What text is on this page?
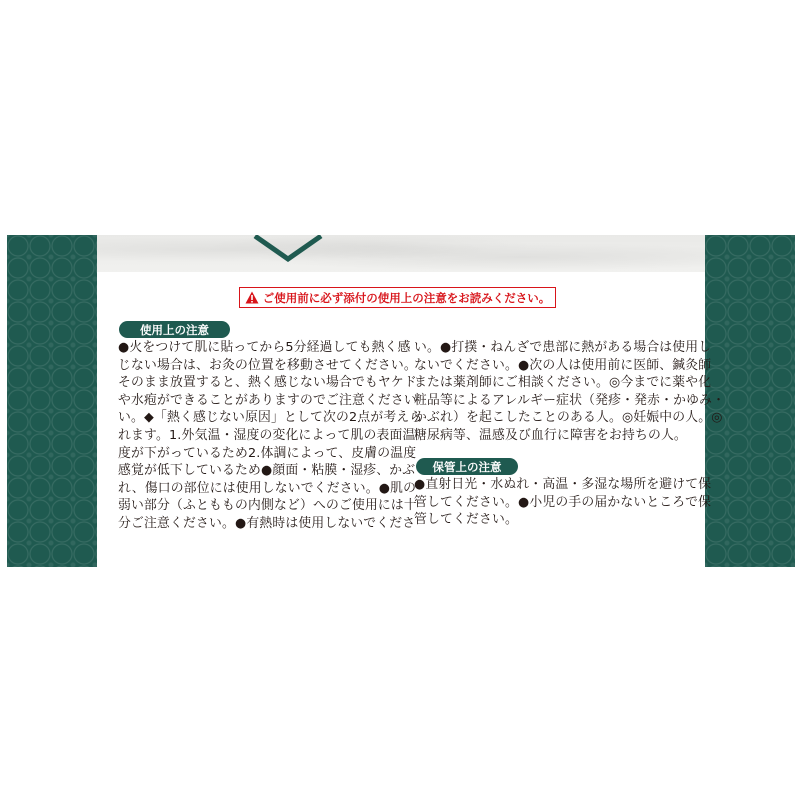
ご使用前に必ず添付の使用上の注意をお読みください。
使用上の注意

●火をつけて肌に貼ってから5分経過しても熱く感
じない場合は、お灸の位置を移動させてください。
そのまま放置すると、熱く感じない場合でもヤケド
や水疱ができることがありますのでご注意ください
い。◆「熱く感じない原因」として次の2点が考えら
れます。1.外気温・湿度の変化によって肌の表面温
度が下がっているため2.体調によって、皮膚の温度
感覚が低下しているため●顔面・粘膜・湿疹、かぶ
れ、傷口の部位には使用しないでください。●肌の
弱い部分（ふとももの内側など）へのご使用には十
分ご注意ください。●有熱時は使用しないでくださ

い。●打撲・ねんざで患部に熱がある場合は使用し
ないでください。●次の人は使用前に医師、鍼灸師
または薬剤師にご相談ください。◎今までに薬や化
粧品等によるアレルギー症状（発疹・発赤・かゆみ・
かぶれ）を起こしたことのある人。◎妊娠中の人。◎
糖尿病等、温感及び血行に障害をお持ちの人。

保管上の注意

●直射日光・水ぬれ・高温・多湿な場所を避けて保
管してください。●小児の手の届かないところで保
管してください。
